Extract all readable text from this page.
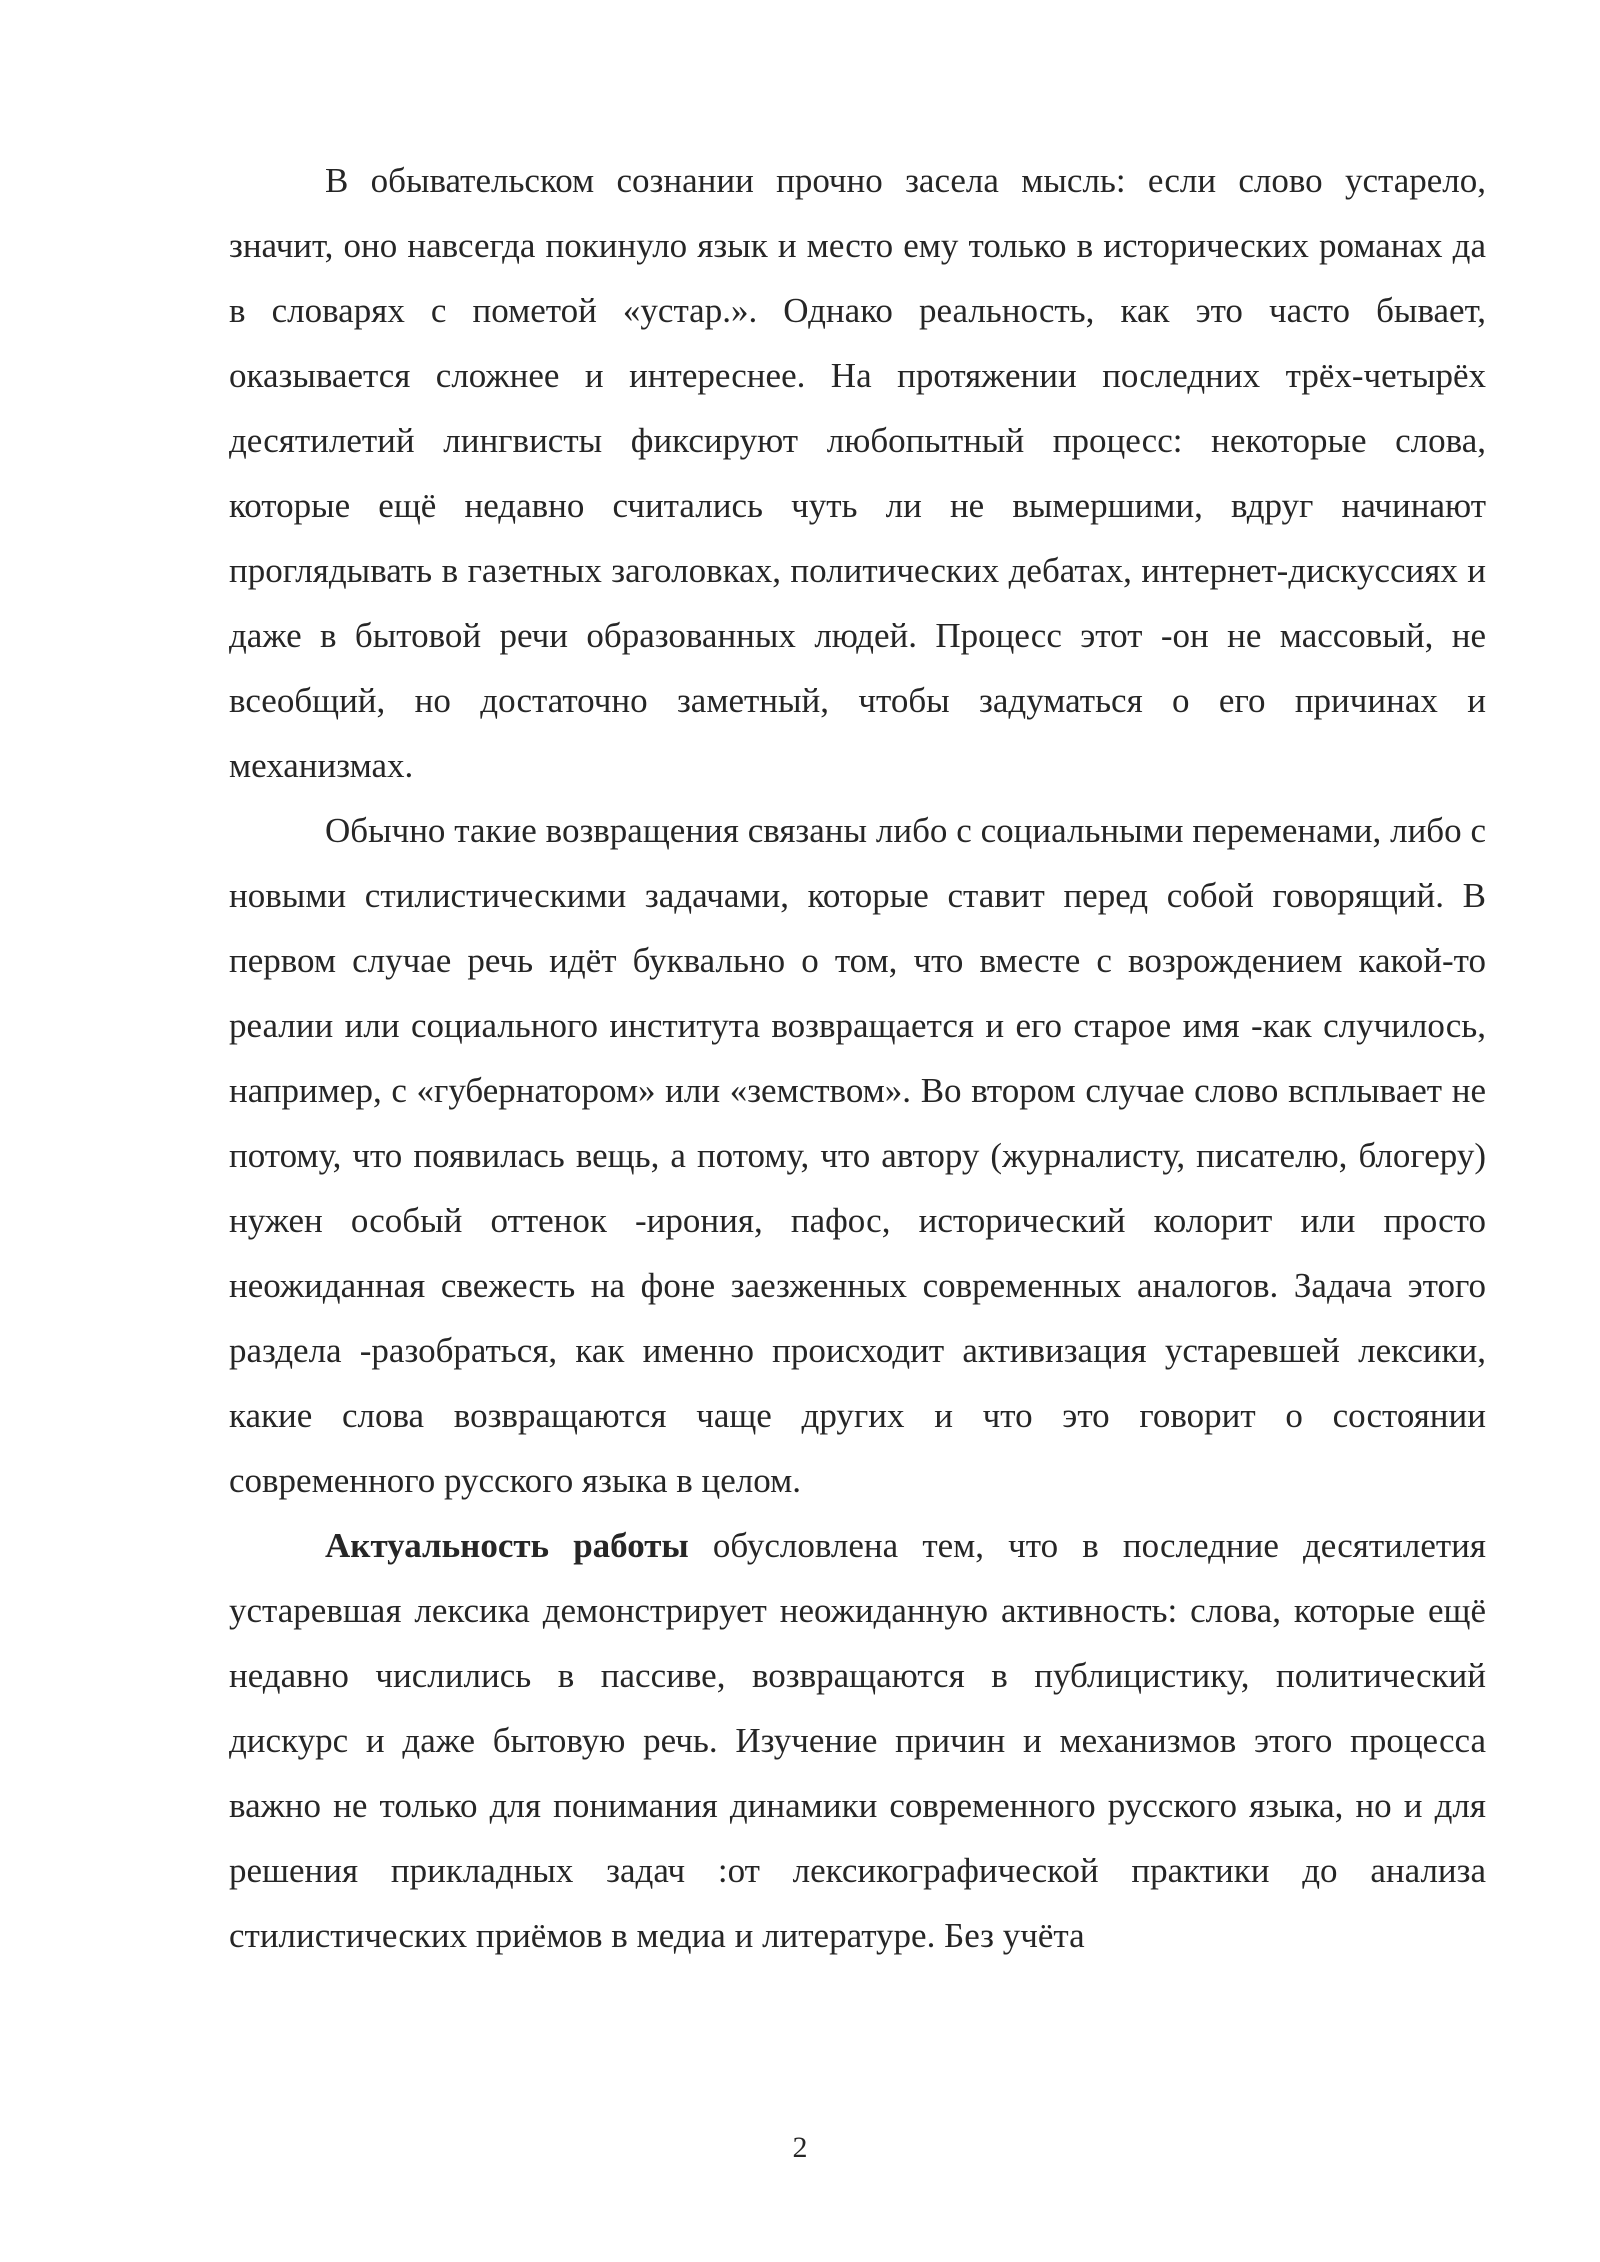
В обывательском сознании прочно засела мысль: если слово устарело, значит, оно навсегда покинуло язык и место ему только в исторических романах да в словарях с пометой «устар.». Однако реальность, как это часто бывает, оказывается сложнее и интереснее. На протяжении последних трёх-четырёх десятилетий лингвисты фиксируют любопытный процесс: некоторые слова, которые ещё недавно считались чуть ли не вымершими, вдруг начинают проглядывать в газетных заголовках, политических дебатах, интернет-дискуссиях и даже в бытовой речи образованных людей. Процесс этот -он не массовый, не всеобщий, но достаточно заметный, чтобы задуматься о его причинах и механизмах.

Обычно такие возвращения связаны либо с социальными переменами, либо с новыми стилистическими задачами, которые ставит перед собой говорящий. В первом случае речь идёт буквально о том, что вместе с возрождением какой-то реалии или социального института возвращается и его старое имя -как случилось, например, с «губернатором» или «земством». Во втором случае слово всплывает не потому, что появилась вещь, а потому, что автору (журналисту, писателю, блогеру) нужен особый оттенок -ирония, пафос, исторический колорит или просто неожиданная свежесть на фоне заезженных современных аналогов. Задача этого раздела -разобраться, как именно происходит активизация устаревшей лексики, какие слова возвращаются чаще других и что это говорит о состоянии современного русского языка в целом.

Актуальность работы обусловлена тем, что в последние десятилетия устаревшая лексика демонстрирует неожиданную активность: слова, которые ещё недавно числились в пассиве, возвращаются в публицистику, политический дискурс и даже бытовую речь. Изучение причин и механизмов этого процесса важно не только для понимания динамики современного русского языка, но и для решения прикладных задач :от лексикографической практики до анализа стилистических приёмов в медиа и литературе. Без учёта

2
